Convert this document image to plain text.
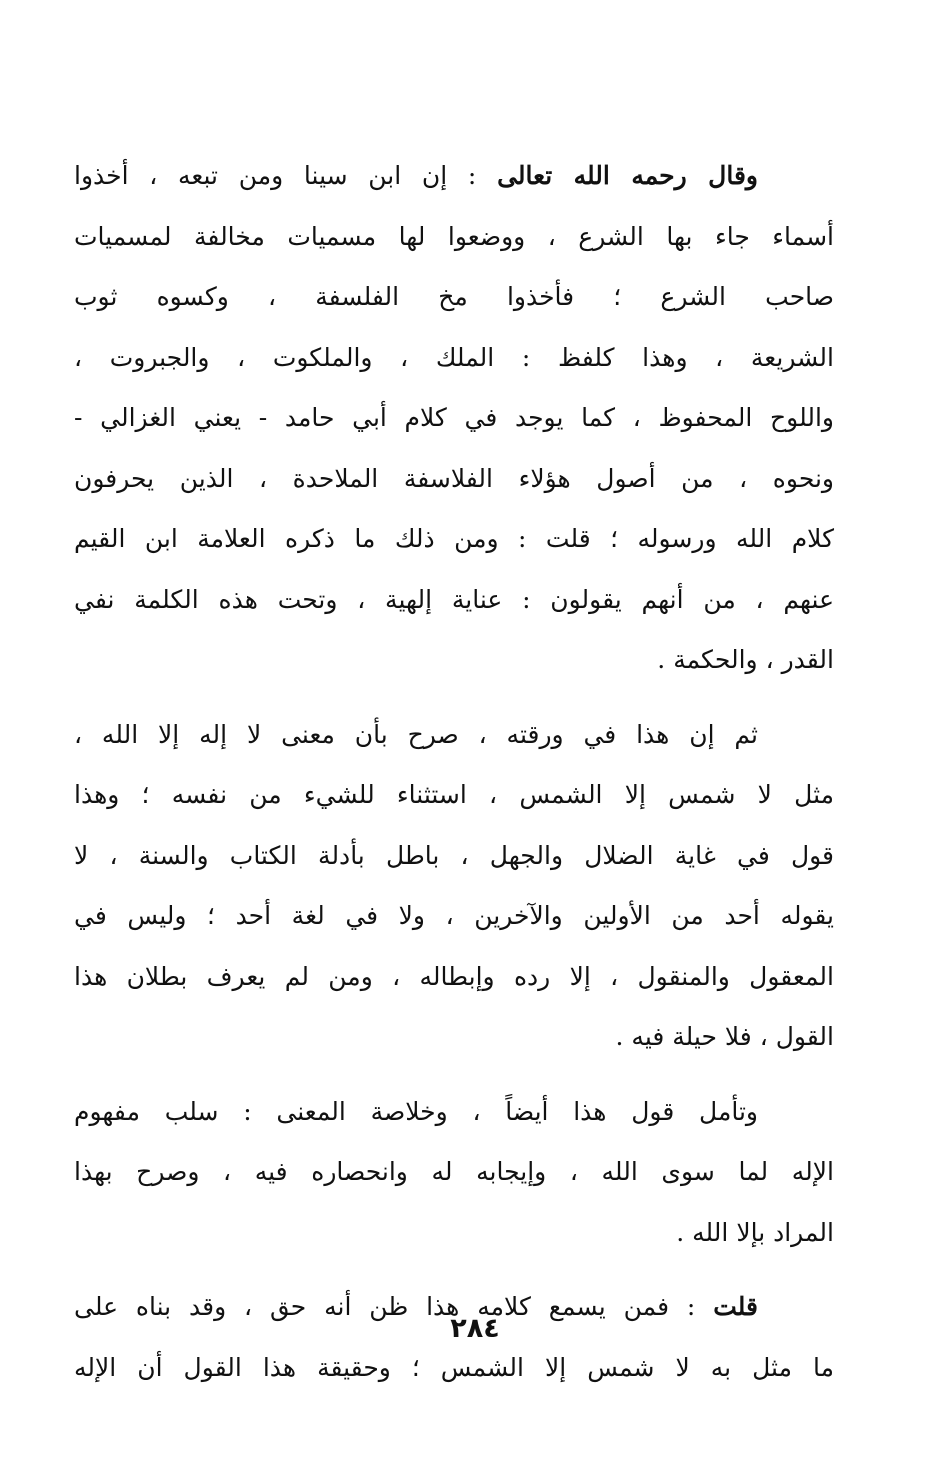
وقال رحمه الله تعالى : إن ابن سينا ومن تبعه ، أخذوا
أسماء جاء بها الشرع ، ووضعوا لها مسميات مخالفة لمسميات
صاحب الشرع ؛ فأخذوا مخ الفلسفة ، وكسوه ثوب
الشريعة ، وهذا كلفظ : الملك ، والملكوت ، والجبروت ،
واللوح المحفوظ ، كما يوجد في كلام أبي حامد - يعني الغزالي -
ونحوه ، من أصول هؤلاء الفلاسفة الملاحدة ، الذين يحرفون
كلام الله ورسوله ؛ قلت : ومن ذلك ما ذكره العلامة ابن القيم
عنهم ، من أنهم يقولون : عناية إلهية ، وتحت هذه الكلمة نفي
القدر ، والحكمة .
ثم إن هذا في ورقته ، صرح بأن معنى لا إله إلا الله ،
مثل لا شمس إلا الشمس ، استثناء للشيء من نفسه ؛ وهذا
قول في غاية الضلال والجهل ، باطل بأدلة الكتاب والسنة ، لا
يقوله أحد من الأولين والآخرين ، ولا في لغة أحد ؛ وليس في
المعقول والمنقول ، إلا رده وإبطاله ، ومن لم يعرف بطلان هذا
القول ، فلا حيلة فيه .
وتأمل قول هذا أيضاً ، وخلاصة المعنى : سلب مفهوم
الإله لما سوى الله ، وإيجابه له وانحصاره فيه ، وصرح بهذا
المراد بإلا الله .
قلت : فمن يسمع كلامه هذا ظن أنه حق ، وقد بناه على
ما مثل به لا شمس إلا الشمس ؛ وحقيقة هذا القول أن الإله
٢٨٤
